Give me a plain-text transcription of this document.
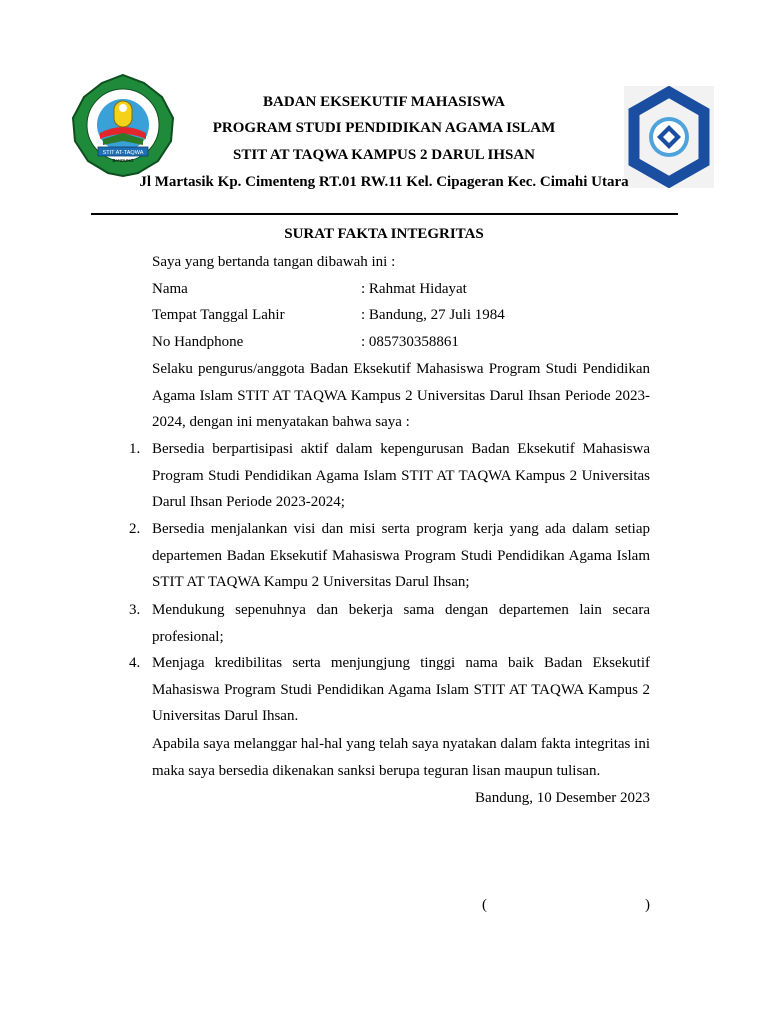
STIT AT-TAQWA
BANDUNG
BADAN EKSEKUTIF MAHASISWA
PROGRAM STUDI PENDIDIKAN AGAMA ISLAM
STIT AT TAQWA KAMPUS 2 DARUL IHSAN
Jl Martasik Kp. Cimenteng RT.01 RW.11 Kel. Cipageran Kec. Cimahi Utara
SURAT FAKTA INTEGRITAS
Saya yang bertanda tangan dibawah ini :
Nama	: Rahmat Hidayat
Tempat Tanggal Lahir	: Bandung, 27 Juli 1984
No Handphone	: 085730358861
Selaku pengurus/anggota Badan Eksekutif Mahasiswa Program Studi Pendidikan Agama Islam STIT AT TAQWA Kampus 2 Universitas Darul Ihsan Periode 2023-2024, dengan ini menyatakan bahwa saya :
1. Bersedia berpartisipasi aktif dalam kepengurusan Badan Eksekutif Mahasiswa Program Studi Pendidikan Agama Islam STIT AT TAQWA Kampus 2 Universitas Darul Ihsan Periode 2023-2024;
2. Bersedia menjalankan visi dan misi serta program kerja yang ada dalam setiap departemen Badan Eksekutif Mahasiswa Program Studi Pendidikan Agama Islam STIT AT TAQWA Kampu 2 Universitas Darul Ihsan;
3. Mendukung sepenuhnya dan bekerja sama dengan departemen lain secara profesional;
4. Menjaga kredibilitas serta menjungjung tinggi nama baik Badan Eksekutif Mahasiswa Program Studi Pendidikan Agama Islam STIT AT TAQWA Kampus 2 Universitas Darul Ihsan.
Apabila saya melanggar hal-hal yang telah saya nyatakan dalam fakta integritas ini maka saya bersedia dikenakan sanksi berupa teguran lisan maupun tulisan.
Bandung, 10 Desember 2023
(	)
